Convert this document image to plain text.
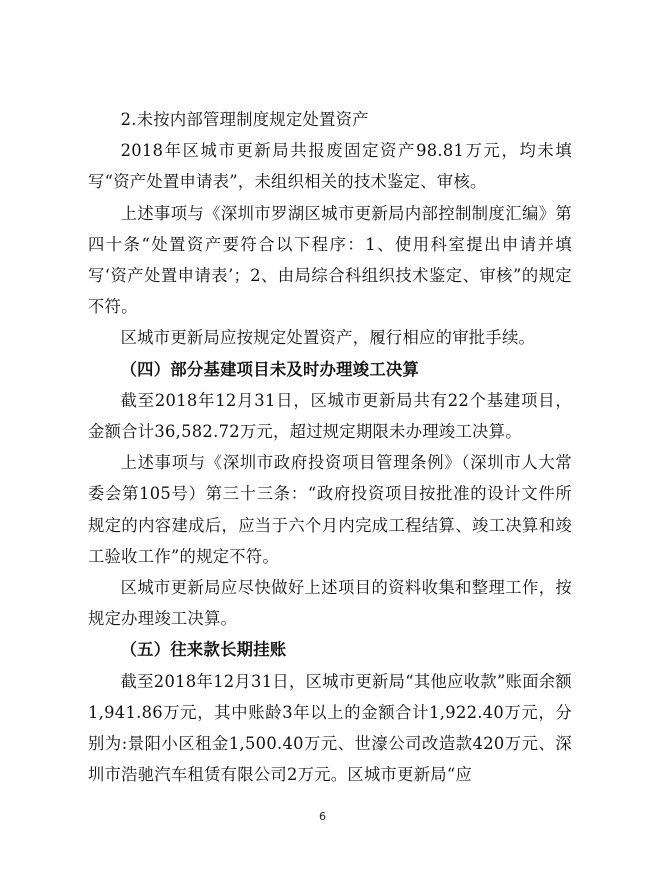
2.未按内部管理制度规定处置资产

2018年区城市更新局共报废固定资产98.81万元，均未填写“资产处置申请表”，未组织相关的技术鉴定、审核。

上述事项与《深圳市罗湖区城市更新局内部控制制度汇编》第四十条“处置资产要符合以下程序：1、使用科室提出申请并填写‘资产处置申请表’；2、由局综合科组织技术鉴定、审核”的规定不符。

区城市更新局应按规定处置资产，履行相应的审批手续。

（四）部分基建项目未及时办理竣工决算

截至2018年12月31日，区城市更新局共有22个基建项目，金额合计36,582.72万元，超过规定期限未办理竣工决算。

上述事项与《深圳市政府投资项目管理条例》（深圳市人大常委会第105号）第三十三条：“政府投资项目按批准的设计文件所规定的内容建成后，应当于六个月内完成工程结算、竣工决算和竣工验收工作”的规定不符。

区城市更新局应尽快做好上述项目的资料收集和整理工作，按规定办理竣工决算。

（五）往来款长期挂账

截至2018年12月31日，区城市更新局“其他应收款”账面余额1,941.86万元，其中账龄3年以上的金额合计1,922.40万元，分别为:景阳小区租金1,500.40万元、世濠公司改造款420万元、深圳市浩驰汽车租赁有限公司2万元。区城市更新局“应

6
